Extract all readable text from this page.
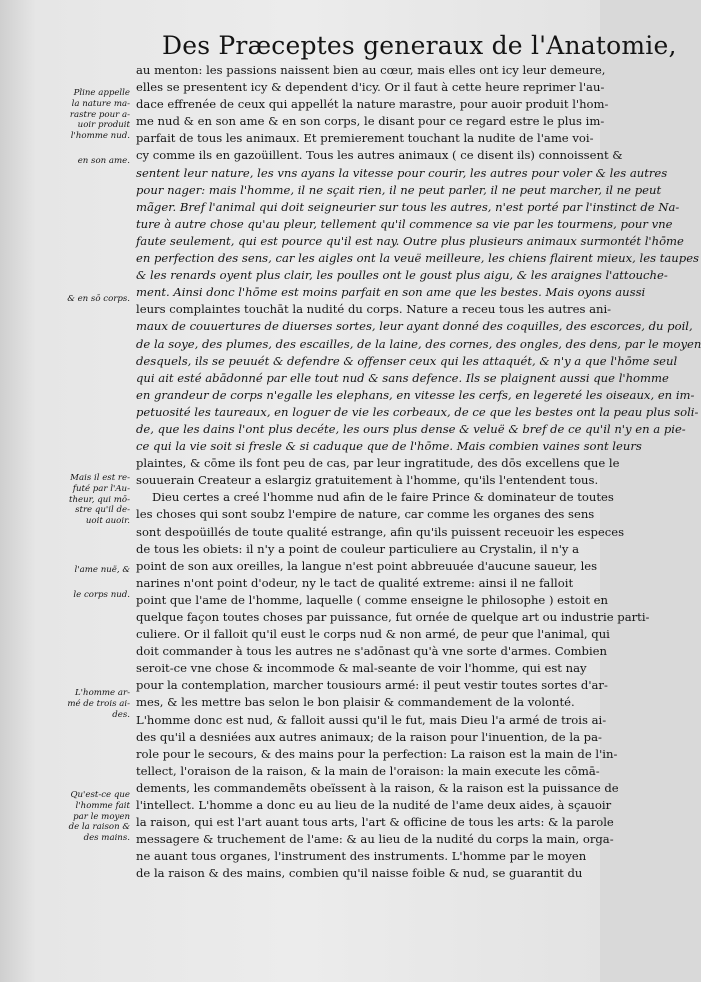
Des Præceptes generaux de l'Anatomie,
Pline appelle
la nature ma-
rastre pour a-
uoir produit
l'homme nud.
en son ame.
& en sō corps.
Mais il est re-
futé par l'Au-
theur, qui mō-
stre qu'il de-
uoit auoir.
l'ame nuë, &
le corps nud.
L'homme ar-
mé de trois ai-
des.
Qu'est-ce que
l'homme fait
par le moyen
de la raison &
des mains.
au menton: les passions naissent bien au cœur, mais elles ont icy leur demeure,
elles se presentent icy & dependent d'icy. Or il faut à cette heure reprimer l'au-
dace effrenée de ceux qui appellét la nature marastre, pour auoir produit l'hom-
me nud & en son ame & en son corps, le disant pour ce regard estre le plus im-
parfait de tous les animaux. Et premierement touchant la nudite de l'ame voi-
cy comme ils en gazoüillent. Tous les autres animaux ( ce disent ils) connoissent &
sentent leur nature, les vns ayans la vitesse pour courir, les autres pour voler & les autres
pour nager: mais l'homme, il ne sçait rien, il ne peut parler, il ne peut marcher, il ne peut
mãger. Bref l'animal qui doit seigneurier sur tous les autres, n'est porté par l'instinct de Na-
ture à autre chose qu'au pleur, tellement qu'il commence sa vie par les tourmens, pour vne
faute seulement, qui est pource qu'il est nay. Outre plus plusieurs animaux surmontét l'hōme
en perfection des sens, car les aigles ont la veuë meilleure, les chiens flairent mieux, les taupes
& les renards oyent plus clair, les poulles ont le goust plus aigu, & les araignes l'attouche-
ment. Ainsi donc l'hōme est moins parfait en son ame que les bestes. Mais oyons aussi
leurs complaintes touchāt la nudité du corps. Nature a receu tous les autres ani-
maux de couuertures de diuerses sortes, leur ayant donné des coquilles, des escorces, du poil,
de la soye, des plumes, des escailles, de la laine, des cornes, des ongles, des dens, par le moyen
desquels, ils se peuuét & defendre & offenser ceux qui les attaquét, & n'y a que l'hōme seul
qui ait esté abādonné par elle tout nud & sans defence. Ils se plaignent aussi que l'homme
en grandeur de corps n'egalle les elephans, en vitesse les cerfs, en legereté les oiseaux, en im-
petuosité les taureaux, en loguer de vie les corbeaux, de ce que les bestes ont la peau plus soli-
de, que les dains l'ont plus decéte, les ours plus dense & veluë & bref de ce qu'il n'y en a pie-
ce qui la vie soit si fresle & si caduque que de l'hōme. Mais combien vaines sont leurs
plaintes, & cōme ils font peu de cas, par leur ingratitude, des dōs excellens que le
souuerain Createur a eslargiz gratuitement à l'homme, qu'ils l'entendent tous.
Dieu certes a creé l'homme nud afin de le faire Prince & dominateur de toutes
les choses qui sont soubz l'empire de nature, car comme les organes des sens
sont despoüillés de toute qualité estrange, afin qu'ils puissent receuoir les especes
de tous les obiets: il n'y a point de couleur particuliere au Crystalin, il n'y a
point de son aux oreilles, la langue n'est point abbreuuée d'aucune saueur, les
narines n'ont point d'odeur, ny le tact de qualité extreme: ainsi il ne falloit
point que l'ame de l'homme, laquelle ( comme enseigne le philosophe ) estoit en
quelque façon toutes choses par puissance, fut ornée de quelque art ou industrie parti-
culiere. Or il falloit qu'il eust le corps nud & non armé, de peur que l'animal, qui
doit commander à tous les autres ne s'adōnast qu'à vne sorte d'armes. Combien
seroit-ce vne chose & incommode & mal-seante de voir l'homme, qui est nay
pour la contemplation, marcher tousiours armé: il peut vestir toutes sortes d'ar-
mes, & les mettre bas selon le bon plaisir & commandement de la volonté.
L'homme donc est nud, & falloit aussi qu'il le fut, mais Dieu l'a armé de trois ai-
des qu'il a desniées aux autres animaux; de la raison pour l'inuention, de la pa-
role pour le secours, & des mains pour la perfection: La raison est la main de l'in-
tellect, l'oraison de la raison, & la main de l'oraison: la main execute les cōmā-
dements, les commandemēts obeïssent à la raison, & la raison est la puissance de
l'intellect. L'homme a donc eu au lieu de la nudité de l'ame deux aides, à sçauoir
la raison, qui est l'art auant tous arts, l'art & officine de tous les arts: & la parole
messagere & truchement de l'ame: & au lieu de la nudité du corps la main, orga-
ne auant tous organes, l'instrument des instruments. L'homme par le moyen
de la raison & des mains, combien qu'il naisse foible & nud, se guarantit du
